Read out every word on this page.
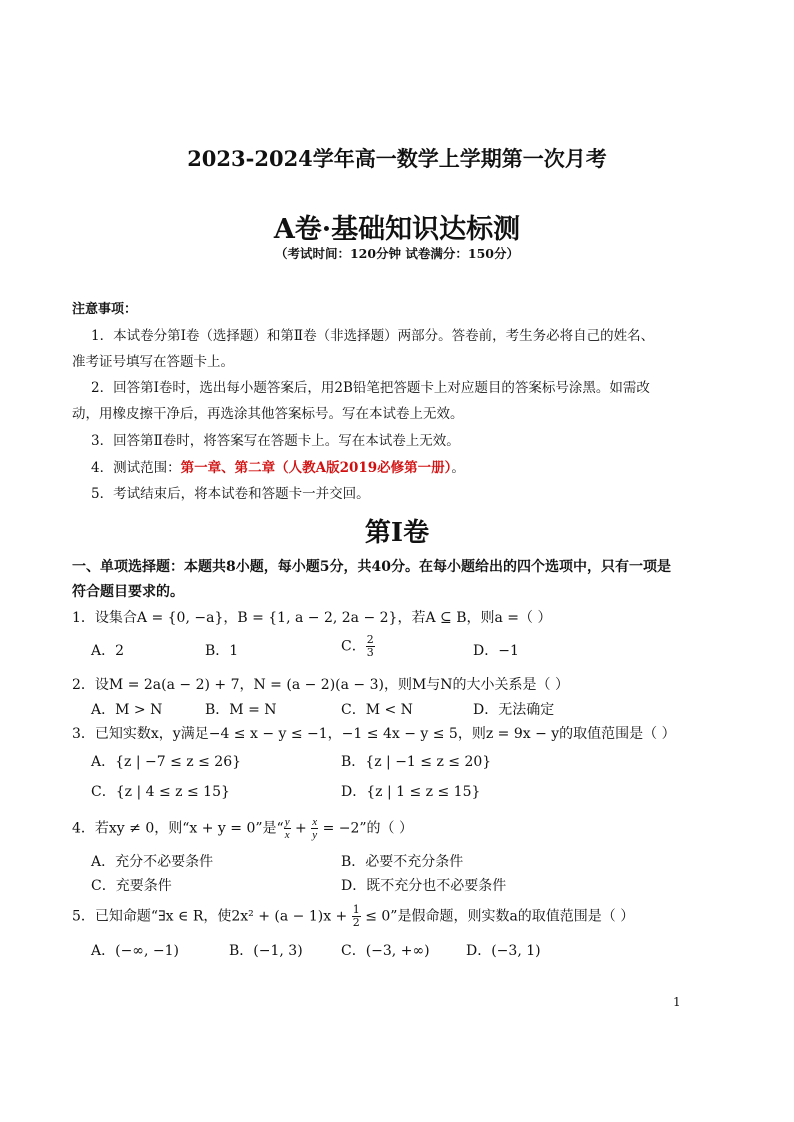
2023-2024学年高一数学上学期第一次月考
A卷·基础知识达标测
（考试时间：120分钟 试卷满分：150分）
注意事项：
1．本试卷分第Ⅰ卷（选择题）和第Ⅱ卷（非选择题）两部分。答卷前，考生务必将自己的姓名、
准考证号填写在答题卡上。
2．回答第Ⅰ卷时，选出每小题答案后，用2B铅笔把答题卡上对应题目的答案标号涂黑。如需改
动，用橡皮擦干净后，再选涂其他答案标号。写在本试卷上无效。
3．回答第Ⅱ卷时，将答案写在答题卡上。写在本试卷上无效。
4．测试范围：第一章、第二章（人教A版2019必修第一册）。
5．考试结束后，将本试卷和答题卡一并交回。
第Ⅰ卷
一、单项选择题：本题共8小题，每小题5分，共40分。在每小题给出的四个选项中，只有一项是
符合题目要求的。
1．设集合A = {0, −a}，B = {1, a − 2, 2a − 2}，若A ⊆ B，则a =（ ）
A．2	B．1	C． $\frac{2}{3}$	D．−1
2．设M = 2a(a − 2) + 7，N = (a − 2)(a − 3)，则M与N的大小关系是（ ）
A．M > N	B．M = N	C．M < N	D．无法确定
3．已知实数x，y满足−4 ≤ x − y ≤ −1，−1 ≤ 4x − y ≤ 5，则z = 9x − y的取值范围是（ ）
A．{z | −7 ≤ z ≤ 26}	B．{z | −1 ≤ z ≤ 20}
C．{z | 4 ≤ z ≤ 15}	D．{z | 1 ≤ z ≤ 15}
4．若xy ≠ 0，则“x + y = 0”是“ $\frac{y}{x} + \frac{x}{y} = -2$”的（ ）
A．充分不必要条件	B．必要不充分条件
C．充要条件	D．既不充分也不必要条件
5．已知命题“∃x ∈ R，使$2x^2 + (a - 1)x + \frac{1}{2} \le 0$”是假命题，则实数a的取值范围是（ ）
A．(−∞, −1)	B．(−1, 3)	C．(−3, +∞)	D．(−3, 1)
1
